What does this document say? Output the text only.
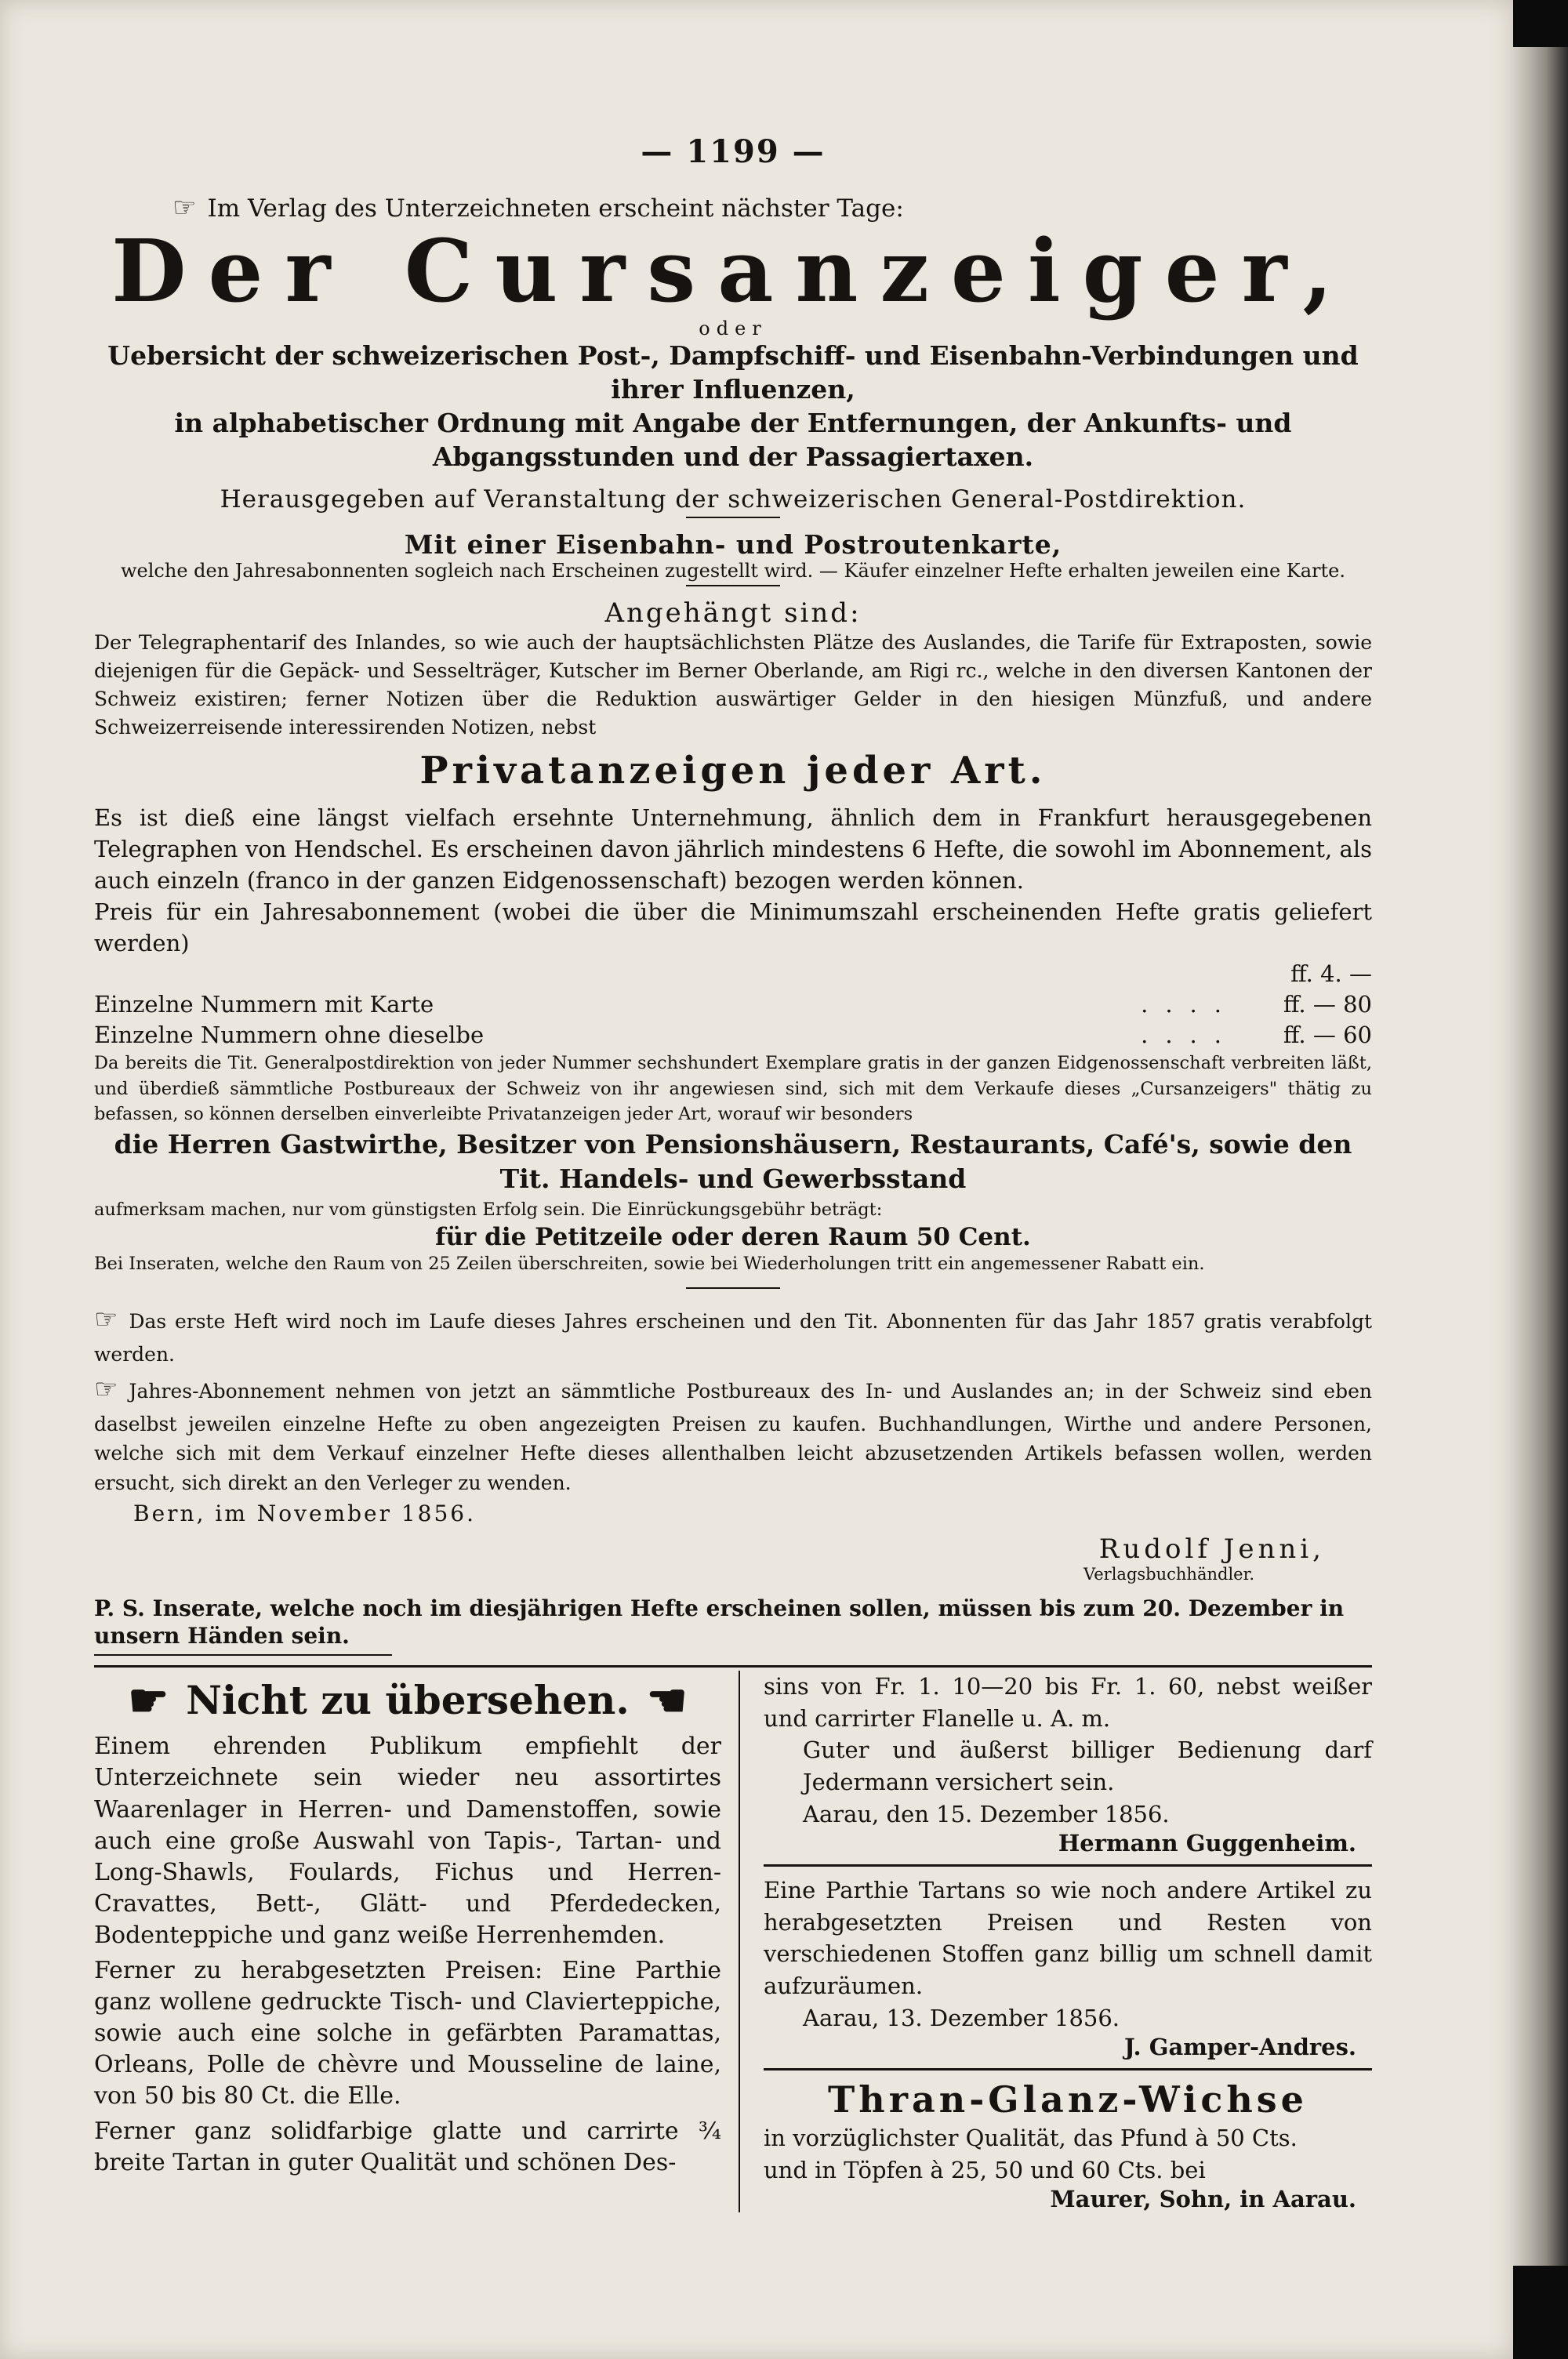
— 1199 —
☞ Im Verlag des Unterzeichneten erscheint nächster Tage:
Der Cursanzeiger,
oder
Uebersicht der schweizerischen Post-, Dampfschiff- und Eisenbahn-Verbindungen und ihrer Influenzen,
in alphabetischer Ordnung mit Angabe der Entfernungen, der Ankunfts- und
Abgangsstunden und der Passagiertaxen.
Herausgegeben auf Veranstaltung der schweizerischen General-Postdirektion.
Mit einer Eisenbahn- und Postroutenkarte,
welche den Jahresabonnenten sogleich nach Erscheinen zugestellt wird. — Käufer einzelner Hefte erhalten jeweilen eine Karte.
Angehängt sind:
Der Telegraphentarif des Inlandes, so wie auch der hauptsächlichsten Plätze des Auslandes, die Tarife für Extraposten, sowie diejenigen für die Gepäck- und Sesselträger, Kutscher im Berner Oberlande, am Rigi rc., welche in den diversen Kantonen der Schweiz existiren; ferner Notizen über die Reduktion auswärtiger Gelder in den hiesigen Münzfuß, und andere Schweizerreisende interessirenden Notizen, nebst
Privatanzeigen jeder Art.
Es ist dieß eine längst vielfach ersehnte Unternehmung, ähnlich dem in Frankfurt herausgegebenen Telegraphen von Hendschel. Es erscheinen davon jährlich mindestens 6 Hefte, die sowohl im Abonnement, als auch einzeln (franco in der ganzen Eidgenossenschaft) bezogen werden können.
Preis für ein Jahresabonnement (wobei die über die Minimumszahl erscheinenden Hefte gratis geliefert werden)
ff. 4. —
Einzelne Nummern mit Karte	....	ff. — 80
Einzelne Nummern ohne dieselbe	....	ff. — 60
Da bereits die Tit. Generalpostdirektion von jeder Nummer sechshundert Exemplare gratis in der ganzen Eidgenossenschaft verbreiten läßt, und überdieß sämmtliche Postbureaux der Schweiz von ihr angewiesen sind, sich mit dem Verkaufe dieses „Cursanzeigers" thätig zu befassen, so können derselben einverleibte Privatanzeigen jeder Art, worauf wir besonders
die Herren Gastwirthe, Besitzer von Pensionshäusern, Restaurants, Café's, sowie den
Tit. Handels- und Gewerbsstand
aufmerksam machen, nur vom günstigsten Erfolg sein. Die Einrückungsgebühr beträgt:
für die Petitzeile oder deren Raum 50 Cent.
Bei Inseraten, welche den Raum von 25 Zeilen überschreiten, sowie bei Wiederholungen tritt ein angemessener Rabatt ein.
☞ Das erste Heft wird noch im Laufe dieses Jahres erscheinen und den Tit. Abonnenten für das Jahr 1857 gratis verabfolgt werden.
☞ Jahres-Abonnement nehmen von jetzt an sämmtliche Postbureaux des In- und Auslandes an; in der Schweiz sind eben daselbst jeweilen einzelne Hefte zu oben angezeigten Preisen zu kaufen. Buchhandlungen, Wirthe und andere Personen, welche sich mit dem Verkauf einzelner Hefte dieses allenthalben leicht abzusetzenden Artikels befassen wollen, werden ersucht, sich direkt an den Verleger zu wenden.
Bern, im November 1856.
Rudolf Jenni,
Verlagsbuchhändler.
P. S. Inserate, welche noch im diesjährigen Hefte erscheinen sollen, müssen bis zum 20. Dezember in unsern Händen sein.
☛ Nicht zu übersehen. ☚
Einem ehrenden Publikum empfiehlt der Unterzeichnete sein wieder neu assortirtes Waarenlager in Herren- und Damenstoffen, sowie auch eine große Auswahl von Tapis-, Tartan- und Long-Shawls, Foulards, Fichus und Herren-Cravattes, Bett-, Glätt- und Pferdedecken, Bodenteppiche und ganz weiße Herrenhemden.
Ferner zu herabgesetzten Preisen: Eine Parthie ganz wollene gedruckte Tisch- und Clavierteppiche, sowie auch eine solche in gefärbten Paramattas, Orleans, Polle de chèvre und Mousseline de laine, von 50 bis 80 Ct. die Elle.
Ferner ganz solidfarbige glatte und carrirte ¾ breite Tartan in guter Qualität und schönen Des-
sins von Fr. 1. 10—20 bis Fr. 1. 60, nebst weißer und carrirter Flanelle u. A. m.
Guter und äußerst billiger Bedienung darf Jedermann versichert sein.
Aarau, den 15. Dezember 1856.
Hermann Guggenheim.
Eine Parthie Tartans so wie noch andere Artikel zu herabgesetzten Preisen und Resten von verschiedenen Stoffen ganz billig um schnell damit aufzuräumen.
Aarau, 13. Dezember 1856.
J. Gamper-Andres.
Thran-Glanz-Wichse
in vorzüglichster Qualität, das Pfund à 50 Cts.
und in Töpfen à 25, 50 und 60 Cts. bei
Maurer, Sohn, in Aarau.
